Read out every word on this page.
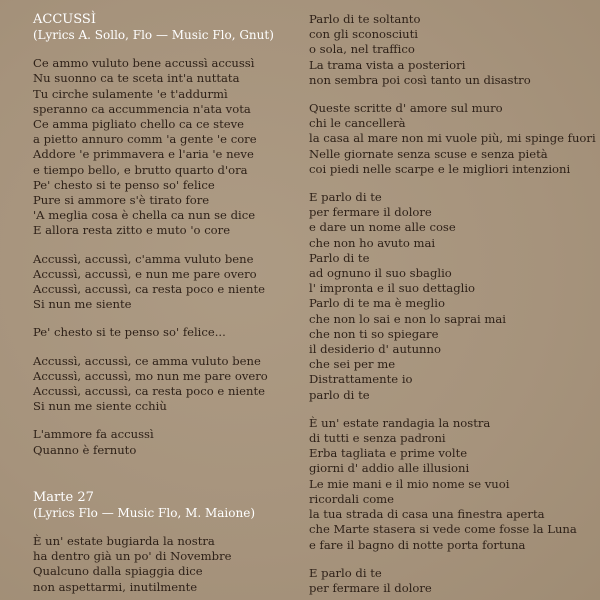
ACCUSSÌ
(Lyrics A. Sollo, Flo — Music Flo, Gnut)
Ce ammo vuluto bene accussì accussì
Nu suonno ca te sceta int'a nuttata
Tu cirche sulamente 'e t'addurmì
speranno ca accummencia n'ata vota
Ce amma pigliato chello ca ce steve
a pietto annuro comm 'a gente 'e core
Addore 'e primmavera e l'aria 'e neve
e tiempo bello, e brutto quarto d'ora
Pe' chesto si te penso so' felice
Pure si ammore s'è tirato fore
'A meglia cosa è chella ca nun se dice
E allora resta zitto e muto 'o core
Accussì, accussì, c'amma vuluto bene
Accussì, accussì, e nun me pare overo
Accussì, accussì, ca resta poco e niente
Si nun me siente
Pe' chesto si te penso so' felice...
Accussì, accussì, ce amma vuluto bene
Accussì, accussì, mo nun me pare overo
Accussì, accussì, ca resta poco e niente
Si nun me siente cchiù
L'ammore fa accussì
Quanno è fernuto
Marte 27
(Lyrics Flo — Music Flo, M. Maione)
È un' estate bugiarda la nostra
ha dentro già un po' di Novembre
Qualcuno dalla spiaggia dice
non aspettarmi, inutilmente
Parlo di te soltanto
con gli sconosciuti
o sola, nel traffico
La trama vista a posteriori
non sembra poi così tanto un disastro
Queste scritte d' amore sul muro
chi le cancellerà
la casa al mare non mi vuole più, mi spinge fuori
Nelle giornate senza scuse e senza pietà
coi piedi nelle scarpe e le migliori intenzioni
E parlo di te
per fermare il dolore
e dare un nome alle cose
che non ho avuto mai
Parlo di te
ad ognuno il suo sbaglio
l' impronta e il suo dettaglio
Parlo di te ma è meglio
che non lo sai e non lo saprai mai
che non ti so spiegare
il desiderio d' autunno
che sei per me
Distrattamente io
parlo di te
È un' estate randagia la nostra
di tutti e senza padroni
Erba tagliata e prime volte
giorni d' addio alle illusioni
Le mie mani e il mio nome se vuoi
ricordali come
la tua strada di casa una finestra aperta
che Marte stasera si vede come fosse la Luna
e fare il bagno di notte porta fortuna
E parlo di te
per fermare il dolore
